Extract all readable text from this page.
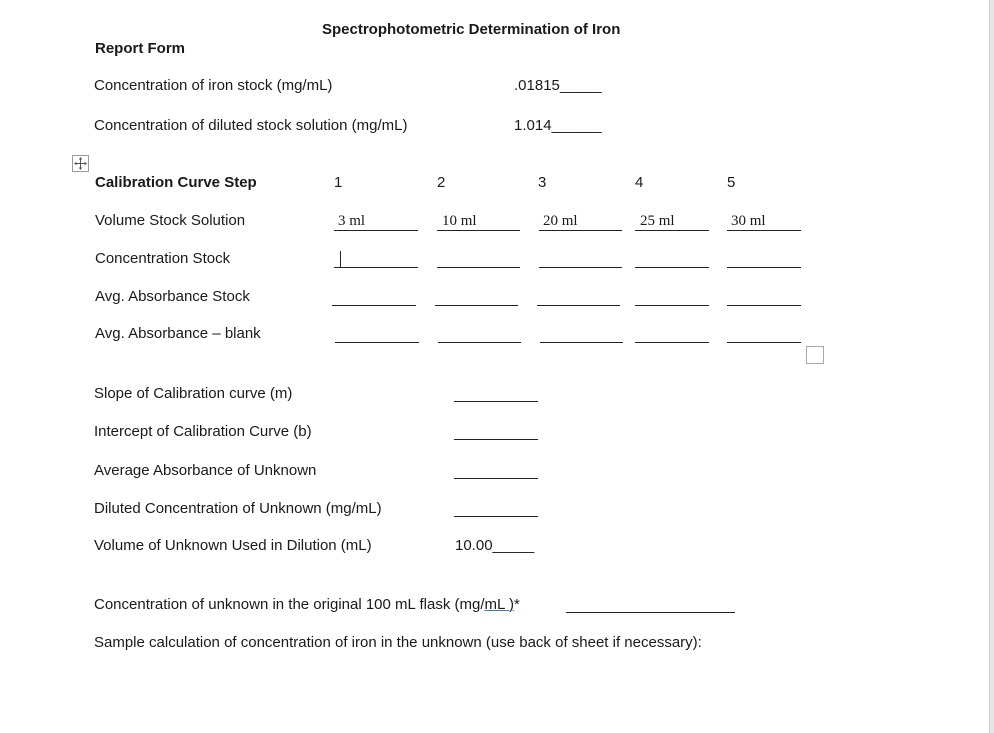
Spectrophotometric Determination of Iron
Report Form
Concentration of iron stock (mg/mL)	.01815_____
Concentration of diluted stock solution (mg/mL)	1.014______
Calibration Curve Step	1	2	3	4	5
Volume Stock Solution	3 ml	10 ml	20 ml	25 ml	30 ml
Concentration Stock
Avg. Absorbance Stock
Avg. Absorbance – blank
Slope of Calibration curve (m)
Intercept of Calibration Curve (b)
Average Absorbance of Unknown
Diluted Concentration of Unknown (mg/mL)
Volume of Unknown Used in Dilution (mL)	10.00_____
Concentration of unknown in the original 100 mL flask (mg/mL )*
Sample calculation of concentration of iron in the unknown (use back of sheet if necessary):
